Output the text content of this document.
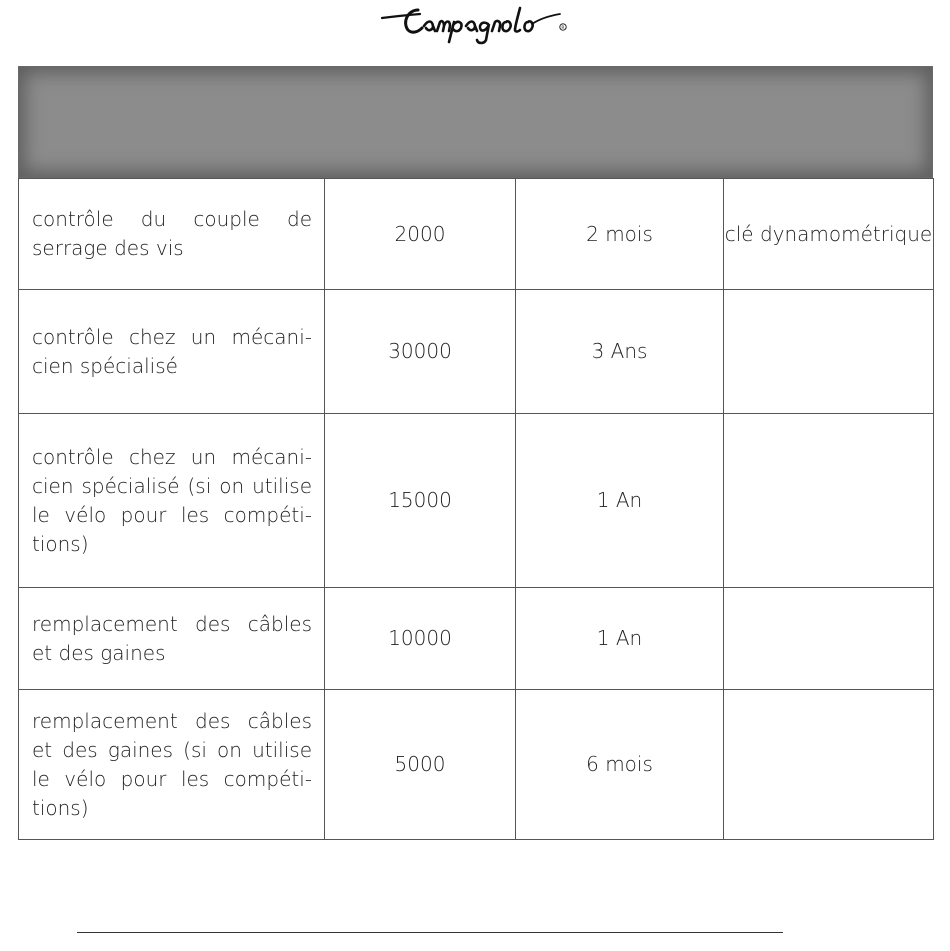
R
contrôle du couple de serrage des vis	2000	2 mois	clé dynamométrique
contrôle chez un mécani-cien spécialisé	30000	3 Ans	
contrôle chez un mécani-cien spécialisé (si on utilise le vélo pour les compéti-tions)	15000	1 An	
remplacement des câbles et des gaines	10000	1 An	
remplacement des câbles et des gaines (si on utilise le vélo pour les compéti-tions)	5000	6 mois	
